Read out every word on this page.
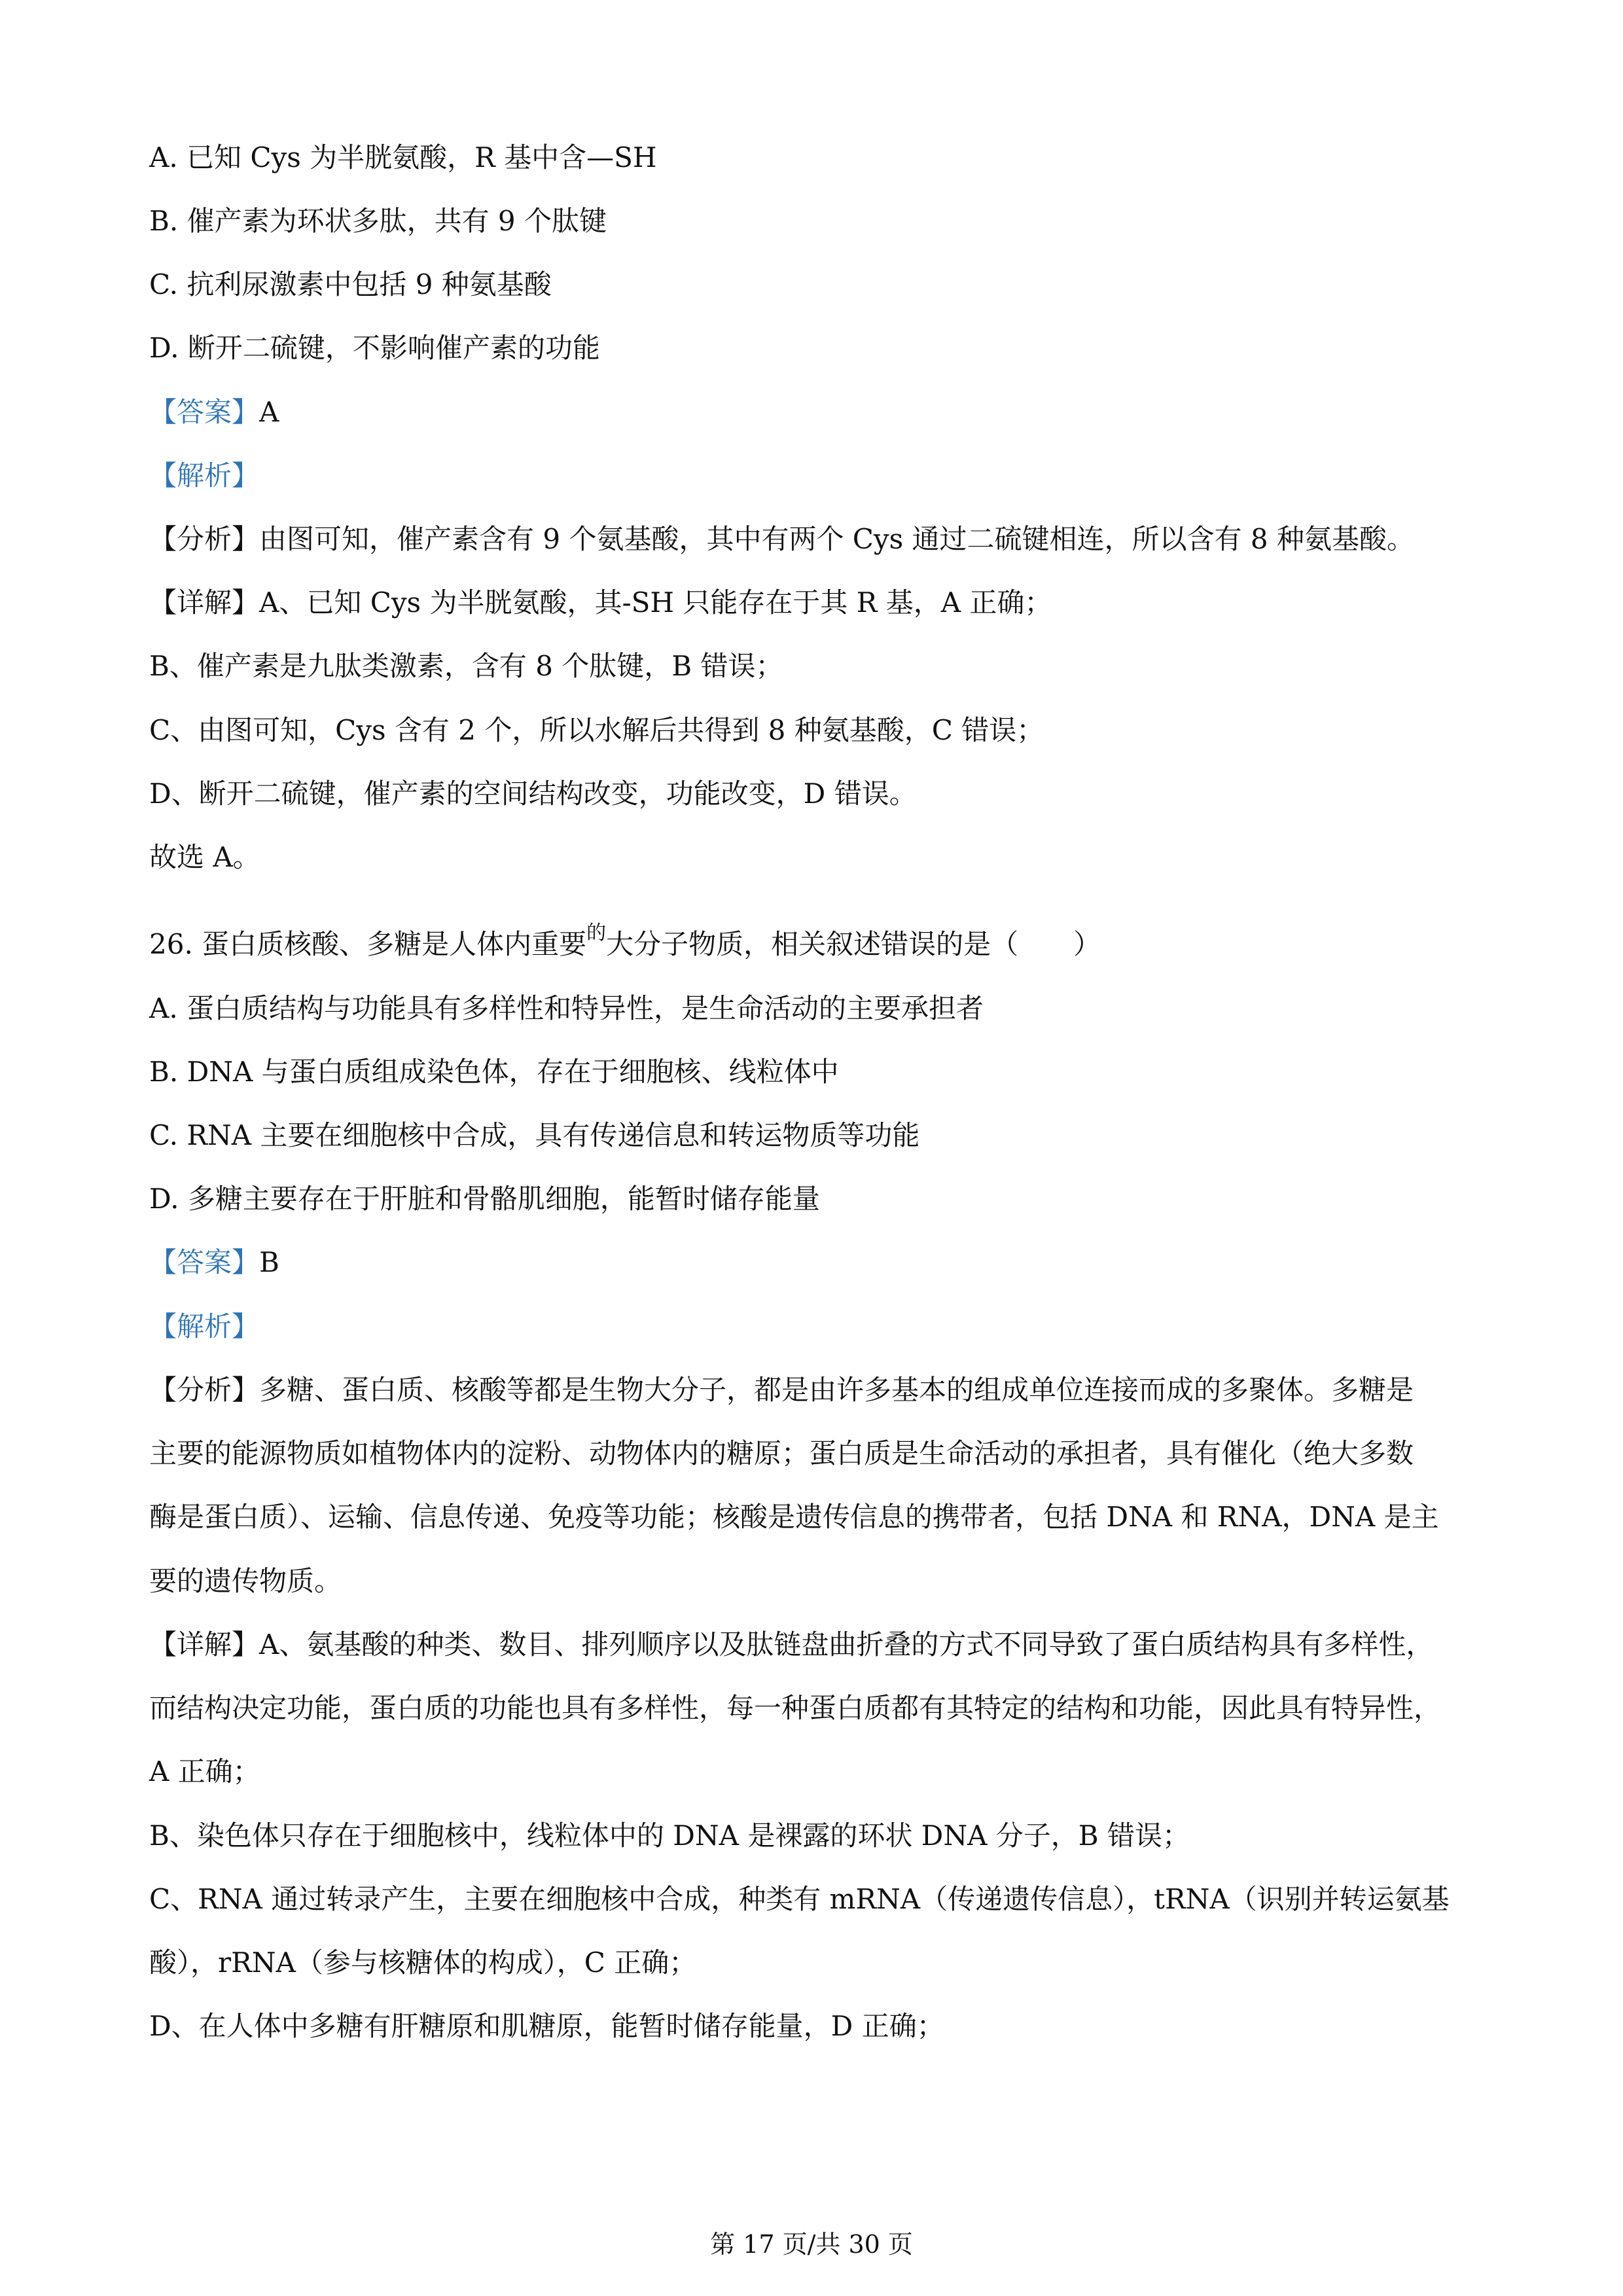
A. 已知 Cys 为半胱氨酸，R 基中含—SH
B. 催产素为环状多肽，共有 9 个肽键
C. 抗利尿激素中包括 9 种氨基酸
D. 断开二硫键，不影响催产素的功能
【答案】A
【解析】
【分析】由图可知，催产素含有 9 个氨基酸，其中有两个 Cys 通过二硫键相连，所以含有 8 种氨基酸。
【详解】A、已知 Cys 为半胱氨酸，其-SH 只能存在于其 R 基，A 正确；
B、催产素是九肽类激素，含有 8 个肽键，B 错误；
C、由图可知，Cys 含有 2 个，所以水解后共得到 8 种氨基酸，C 错误；
D、断开二硫键，催产素的空间结构改变，功能改变，D 错误。
故选 A。
26. 蛋白质核酸、多糖是人体内重要$^的$大分子物质，相关叙述错误的是（　　）
A. 蛋白质结构与功能具有多样性和特异性，是生命活动的主要承担者
B. DNA 与蛋白质组成染色体，存在于细胞核、线粒体中
C. RNA 主要在细胞核中合成，具有传递信息和转运物质等功能
D. 多糖主要存在于肝脏和骨骼肌细胞，能暂时储存能量
【答案】B
【解析】
【分析】多糖、蛋白质、核酸等都是生物大分子，都是由许多基本的组成单位连接而成的多聚体。多糖是
主要的能源物质如植物体内的淀粉、动物体内的糖原；蛋白质是生命活动的承担者，具有催化（绝大多数
酶是蛋白质）、运输、信息传递、免疫等功能；核酸是遗传信息的携带者，包括 DNA 和 RNA，DNA 是主
要的遗传物质。
【详解】A、氨基酸的种类、数目、排列顺序以及肽链盘曲折叠的方式不同导致了蛋白质结构具有多样性，
而结构决定功能，蛋白质的功能也具有多样性，每一种蛋白质都有其特定的结构和功能，因此具有特异性，
A 正确；
B、染色体只存在于细胞核中，线粒体中的 DNA 是裸露的环状 DNA 分子，B 错误；
C、RNA 通过转录产生，主要在细胞核中合成，种类有 mRNA（传递遗传信息），tRNA（识别并转运氨基
酸），rRNA（参与核糖体的构成），C 正确；
D、在人体中多糖有肝糖原和肌糖原，能暂时储存能量，D 正确；
第 17 页/共 30 页
